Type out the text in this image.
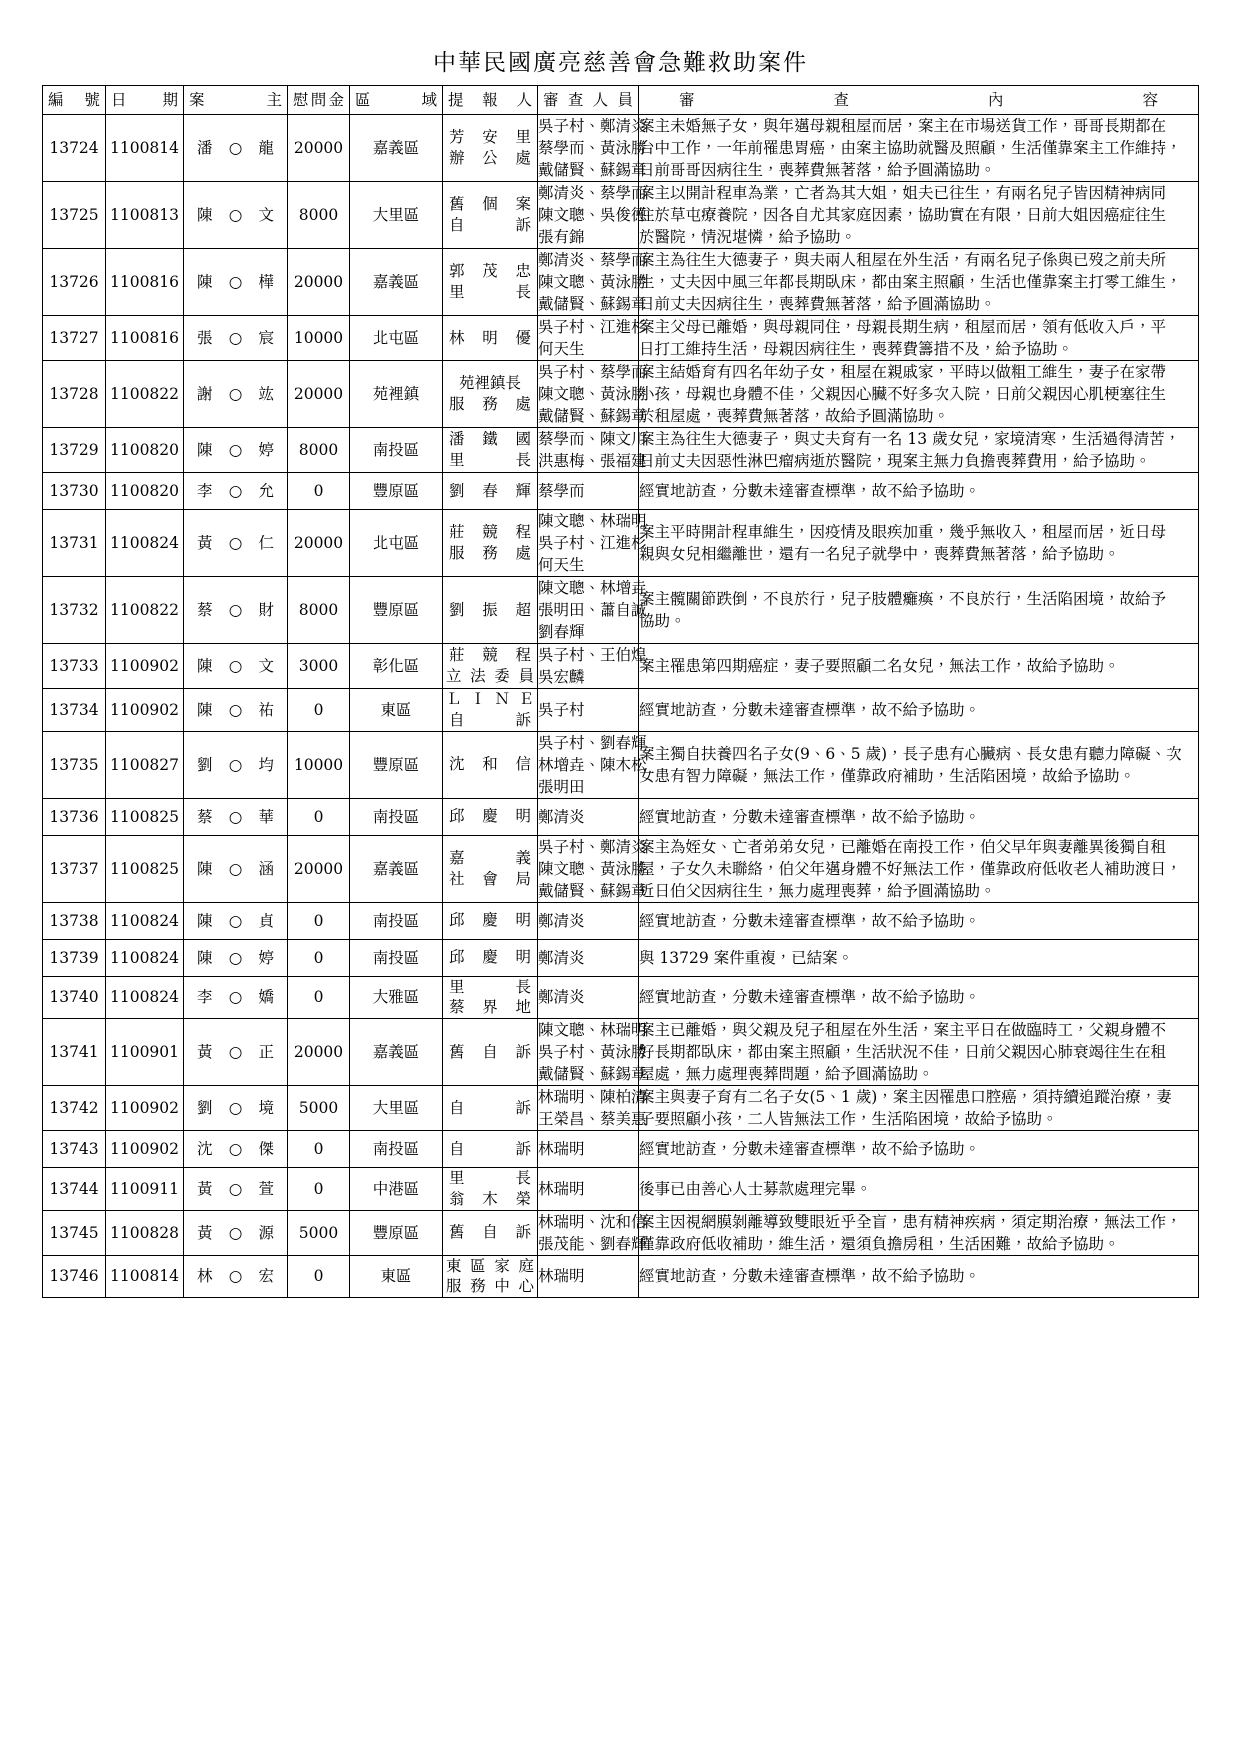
中華民國廣亮慈善會急難救助案件
編號	日期	案主	慰問金	區域	提報人	審查人員	審查內容

13724	1100814	潘 ○ 龍	20000	嘉義區	芳 安 里
辦 公 處	吳子村、鄭清炎
蔡學而、黃泳勝
戴儲賢、蘇錫章	案主未婚無子女，與年邁母親租屋而居，案主在市場送貨工作，哥哥長期都在
台中工作，一年前罹患胃癌，由案主協助就醫及照顧，生活僅靠案主工作維持，
日前哥哥因病往生，喪葬費無著落，給予圓滿協助。

13725	1100813	陳 ○ 文	8000	大里區	舊 個 案
自 訴	鄭清炎、蔡學而
陳文聰、吳俊德
張有錦	案主以開計程車為業，亡者為其大姐，姐夫已往生，有兩名兒子皆因精神病同
住於草屯療養院，因各自尤其家庭因素，協助實在有限，日前大姐因癌症往生
於醫院，情況堪憐，給予協助。

13726	1100816	陳 ○ 樺	20000	嘉義區	郭 茂 忠
里 長	鄭清炎、蔡學而
陳文聰、黃泳勝
戴儲賢、蘇錫章	案主為往生大德妻子，與夫兩人租屋在外生活，有兩名兒子係與已歿之前夫所
生，丈夫因中風三年都長期臥床，都由案主照顧，生活也僅靠案主打零工維生，
日前丈夫因病往生，喪葬費無著落，給予圓滿協助。

13727	1100816	張 ○ 宸	10000	北屯區	林 明 優	吳子村、江進杉
何天生	案主父母已離婚，與母親同住，母親長期生病，租屋而居，領有低收入戶，平
日打工維持生活，母親因病往生，喪葬費籌措不及，給予協助。

13728	1100822	謝 ○ 竑	20000	苑裡鎮	苑裡鎮長
服 務 處	吳子村、蔡學而
陳文聰、黃泳勝
戴儲賢、蘇錫章	案主結婚育有四名年幼子女，租屋在親戚家，平時以做粗工維生，妻子在家帶
小孩，母親也身體不佳，父親因心臟不好多次入院，日前父親因心肌梗塞往生
於租屋處，喪葬費無著落，故給予圓滿協助。

13729	1100820	陳 ○ 婷	8000	南投區	潘 鐵 國
里 長	蔡學而、陳文川
洪惠梅、張福建	案主為往生大德妻子，與丈夫育有一名 13 歲女兒，家境清寒，生活過得清苦，
日前丈夫因惡性淋巴瘤病逝於醫院，現案主無力負擔喪葬費用，給予協助。

13730	1100820	李 ○ 允	0	豐原區	劉 春 輝	蔡學而	經實地訪查，分數未達審查標準，故不給予協助。

13731	1100824	黃 ○ 仁	20000	北屯區	莊 競 程
服 務 處	陳文聰、林瑞明
吳子村、江進杉
何天生	案主平時開計程車維生，因疫情及眼疾加重，幾乎無收入，租屋而居，近日母
親與女兒相繼離世，還有一名兒子就學中，喪葬費無著落，給予協助。

13732	1100822	蔡 ○ 財	8000	豐原區	劉 振 超	陳文聰、林增垚
張明田、蕭自誠
劉春輝	案主髖關節跌倒，不良於行，兒子肢體癱瘓，不良於行，生活陷困境，故給予
協助。

13733	1100902	陳 ○ 文	3000	彰化區	莊 競 程
立 法 委 員	吳子村、王伯煌
吳宏麟	案主罹患第四期癌症，妻子要照顧二名女兒，無法工作，故給予協助。

13734	1100902	陳 ○ 祐	0	東區	Ｌ Ｉ Ｎ Ｅ
自 訴	吳子村	經實地訪查，分數未達審查標準，故不給予協助。

13735	1100827	劉 ○ 均	10000	豐原區	沈 和 信	吳子村、劉春輝
林增垚、陳木松
張明田	案主獨自扶養四名子女(9、6、5 歲)，長子患有心臟病、長女患有聽力障礙、次
女患有智力障礙，無法工作，僅靠政府補助，生活陷困境，故給予協助。

13736	1100825	蔡 ○ 華	0	南投區	邱 慶 明	鄭清炎	經實地訪查，分數未達審查標準，故不給予協助。

13737	1100825	陳 ○ 涵	20000	嘉義區	嘉 義
社 會 局	吳子村、鄭清炎
陳文聰、黃泳勝
戴儲賢、蘇錫章	案主為姪女、亡者弟弟女兒，已離婚在南投工作，伯父早年與妻離異後獨自租
屋，子女久未聯絡，伯父年邁身體不好無法工作，僅靠政府低收老人補助渡日，
近日伯父因病往生，無力處理喪葬，給予圓滿協助。

13738	1100824	陳 ○ 貞	0	南投區	邱 慶 明	鄭清炎	經實地訪查，分數未達審查標準，故不給予協助。

13739	1100824	陳 ○ 婷	0	南投區	邱 慶 明	鄭清炎	與 13729 案件重複，已結案。

13740	1100824	李 ○ 嬌	0	大雅區	里 長
蔡 界 地	鄭清炎	經實地訪查，分數未達審查標準，故不給予協助。

13741	1100901	黃 ○ 正	20000	嘉義區	舊 自 訴	陳文聰、林瑞明
吳子村、黃泳勝
戴儲賢、蘇錫章	案主已離婚，與父親及兒子租屋在外生活，案主平日在做臨時工，父親身體不
好長期都臥床，都由案主照顧，生活狀況不佳，日前父親因心肺衰竭往生在租
屋處，無力處理喪葬問題，給予圓滿協助。

13742	1100902	劉 ○ 境	5000	大里區	自 訴	林瑞明、陳柏清
王榮昌、蔡美惠	案主與妻子育有二名子女(5、1 歲)，案主因罹患口腔癌，須持續追蹤治療，妻
子要照顧小孩，二人皆無法工作，生活陷困境，故給予協助。

13743	1100902	沈 ○ 傑	0	南投區	自 訴	林瑞明	經實地訪查，分數未達審查標準，故不給予協助。

13744	1100911	黃 ○ 萱	0	中港區	里 長
翁 木 榮	林瑞明	後事已由善心人士募款處理完畢。

13745	1100828	黃 ○ 源	5000	豐原區	舊 自 訴	林瑞明、沈和信
張茂能、劉春輝	案主因視網膜剝離導致雙眼近乎全盲，患有精神疾病，須定期治療，無法工作，
僅靠政府低收補助，維生活，還須負擔房租，生活困難，故給予協助。

13746	1100814	林 ○ 宏	0	東區	東 區 家 庭
服 務 中 心	林瑞明	經實地訪查，分數未達審查標準，故不給予協助。
